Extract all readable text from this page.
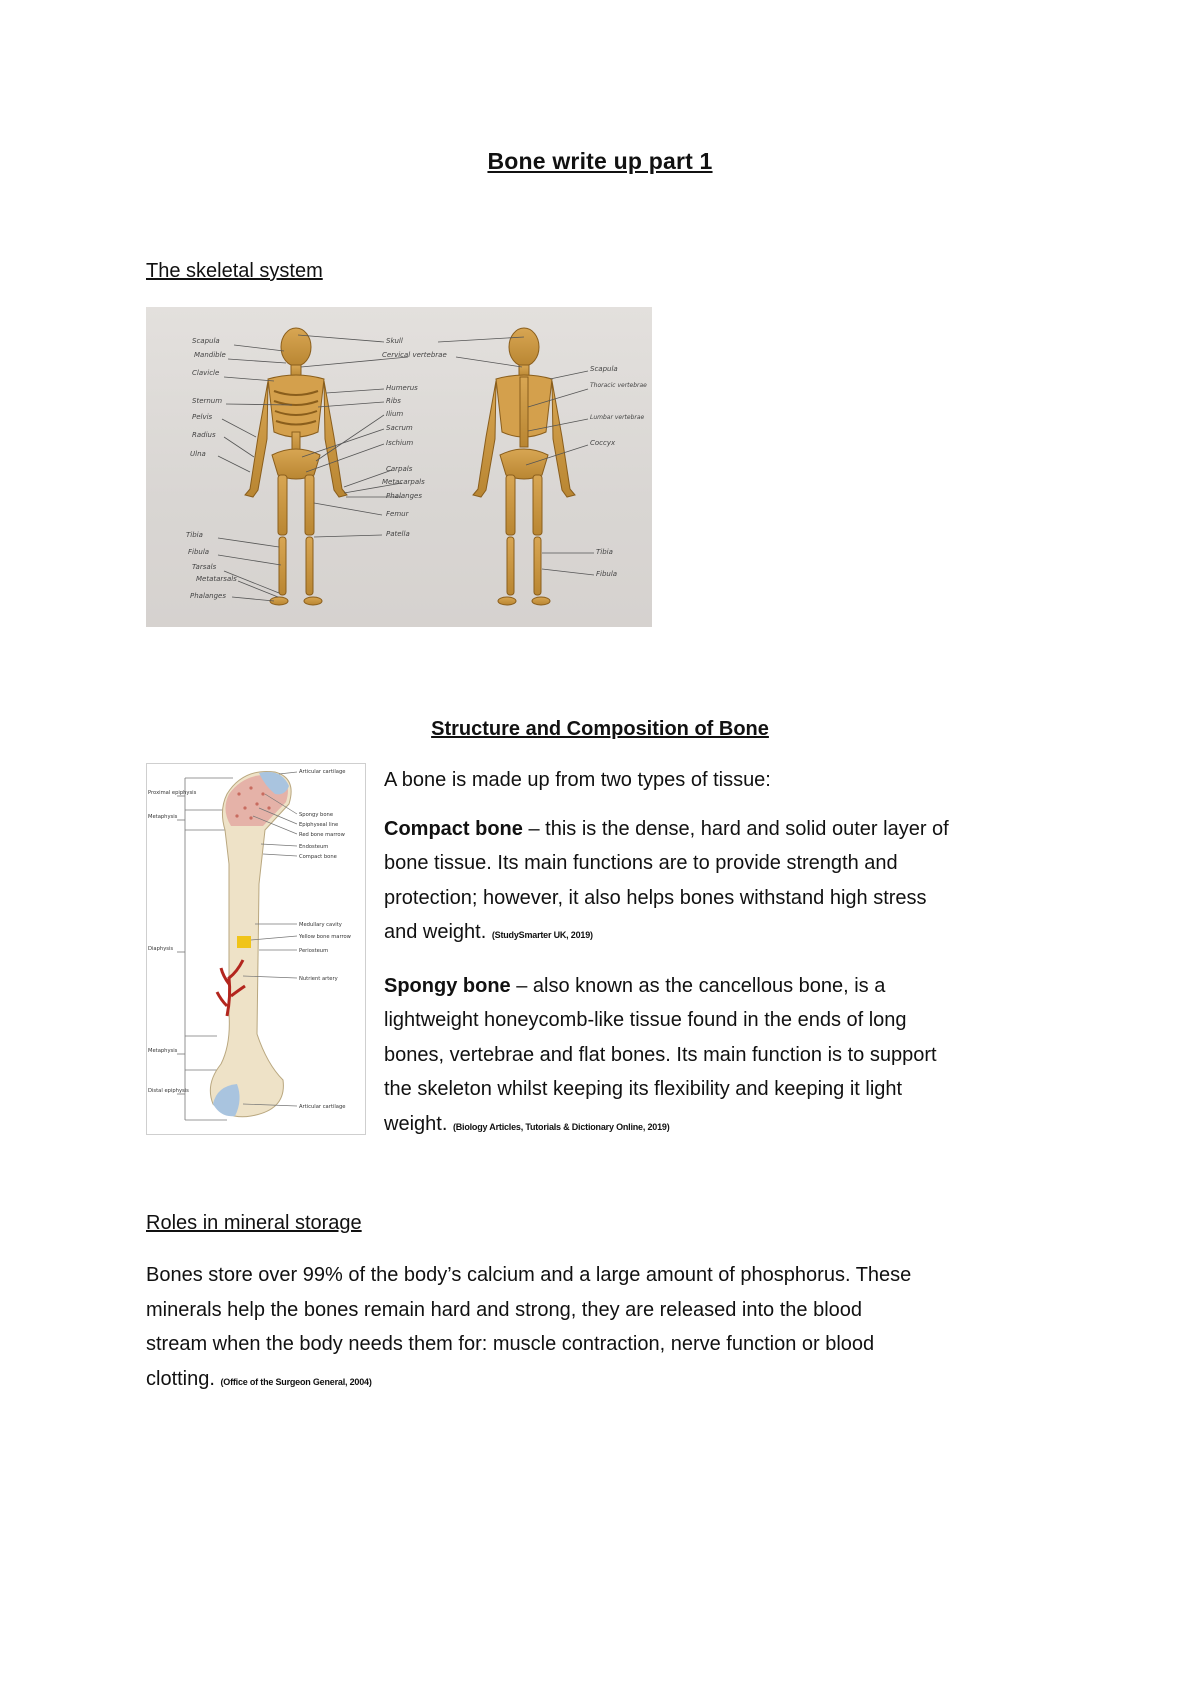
Bone write up part 1
The skeletal system
Scapula
Mandible
Clavicle
Sternum
Pelvis
Radius
Ulna
Tibia
Fibula
Tarsals
Metatarsals
Phalanges
Skull
Cervical vertebrae
Humerus
Ribs
Ilium
Sacrum
Ischium
Carpals
Metacarpals
Phalanges
Femur
Patella
Scapula
Thoracic vertebrae
Lumbar vertebrae
Coccyx
Tibia
Fibula
Structure and Composition of Bone
Articular cartilage
Spongy bone
Epiphyseal line
Red bone marrow
Endosteum
Compact bone
Medullary cavity
Yellow bone marrow
Periosteum
Nutrient artery
Articular cartilage
Proximal epiphysis
Metaphysis
Diaphysis
Metaphysis
Distal epiphysis
A bone is made up from two types of tissue:
Compact bone – this is the dense, hard and solid outer layer of
bone tissue. Its main functions are to provide strength and
protection; however, it also helps bones withstand high stress
and weight. (StudySmarter UK, 2019)
Spongy bone – also known as the cancellous bone, is a
lightweight honeycomb-like tissue found in the ends of long
bones, vertebrae and flat bones. Its main function is to support
the skeleton whilst keeping its flexibility and keeping it light
weight. (Biology Articles, Tutorials & Dictionary Online, 2019)
Roles in mineral storage
Bones store over 99% of the body’s calcium and a large amount of phosphorus. These
minerals help the bones remain hard and strong, they are released into the blood
stream when the body needs them for: muscle contraction, nerve function or blood
clotting. (Office of the Surgeon General, 2004)
